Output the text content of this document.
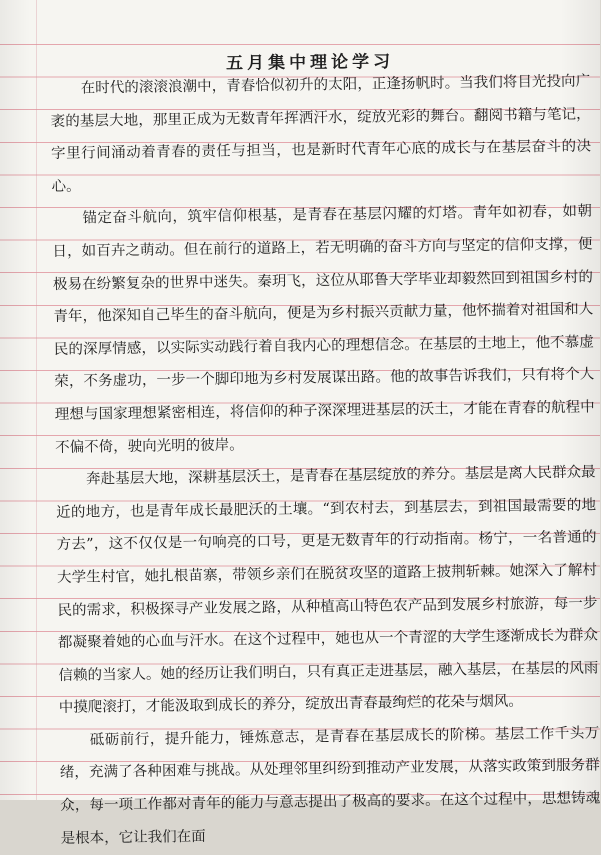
五月集中理论学习

在时代的滚滚浪潮中，青春恰似初升的太阳，正逢扬帆时。当我们将目光投向广袤的基层大地，那里正成为无数青年挥洒汗水，绽放光彩的舞台。翻阅书籍与笔记，字里行间涌动着青春的责任与担当，也是新时代青年心底的成长与在基层奋斗的决心。

锚定奋斗航向，筑牢信仰根基，是青春在基层闪耀的灯塔。青年如初春，如朝日，如百卉之萌动。但在前行的道路上，若无明确的奋斗方向与坚定的信仰支撑，便极易在纷繁复杂的世界中迷失。秦玥飞，这位从耶鲁大学毕业却毅然回到祖国乡村的青年，他深知自己毕生的奋斗航向，便是为乡村振兴贡献力量，他怀揣着对祖国和人民的深厚情感，以实际实动践行着自我内心的理想信念。在基层的土地上，他不慕虚荣，不务虚功，一步一个脚印地为乡村发展谋出路。他的故事告诉我们，只有将个人理想与国家理想紧密相连，将信仰的种子深深埋进基层的沃土，才能在青春的航程中不偏不倚，驶向光明的彼岸。

奔赴基层大地，深耕基层沃土，是青春在基层绽放的养分。基层是离人民群众最近的地方，也是青年成长最肥沃的土壤。“到农村去，到基层去，到祖国最需要的地方去”，这不仅仅是一句响亮的口号，更是无数青年的行动指南。杨宁，一名普通的大学生村官，她扎根苗寨，带领乡亲们在脱贫攻坚的道路上披荆斩棘。她深入了解村民的需求，积极探寻产业发展之路，从种植高山特色农产品到发展乡村旅游，每一步都凝聚着她的心血与汗水。在这个过程中，她也从一个青涩的大学生逐渐成长为群众信赖的当家人。她的经历让我们明白，只有真正走进基层，融入基层，在基层的风雨中摸爬滚打，才能汲取到成长的养分，绽放出青春最绚烂的花朵与烟风。

砥砺前行，提升能力，锤炼意志，是青春在基层成长的阶梯。基层工作千头万绪，充满了各种困难与挑战。从处理邻里纠纷到推动产业发展，从落实政策到服务群众，每一项工作都对青年的能力与意志提出了极高的要求。在这个过程中，思想铸魂是根本，它让我们在面
